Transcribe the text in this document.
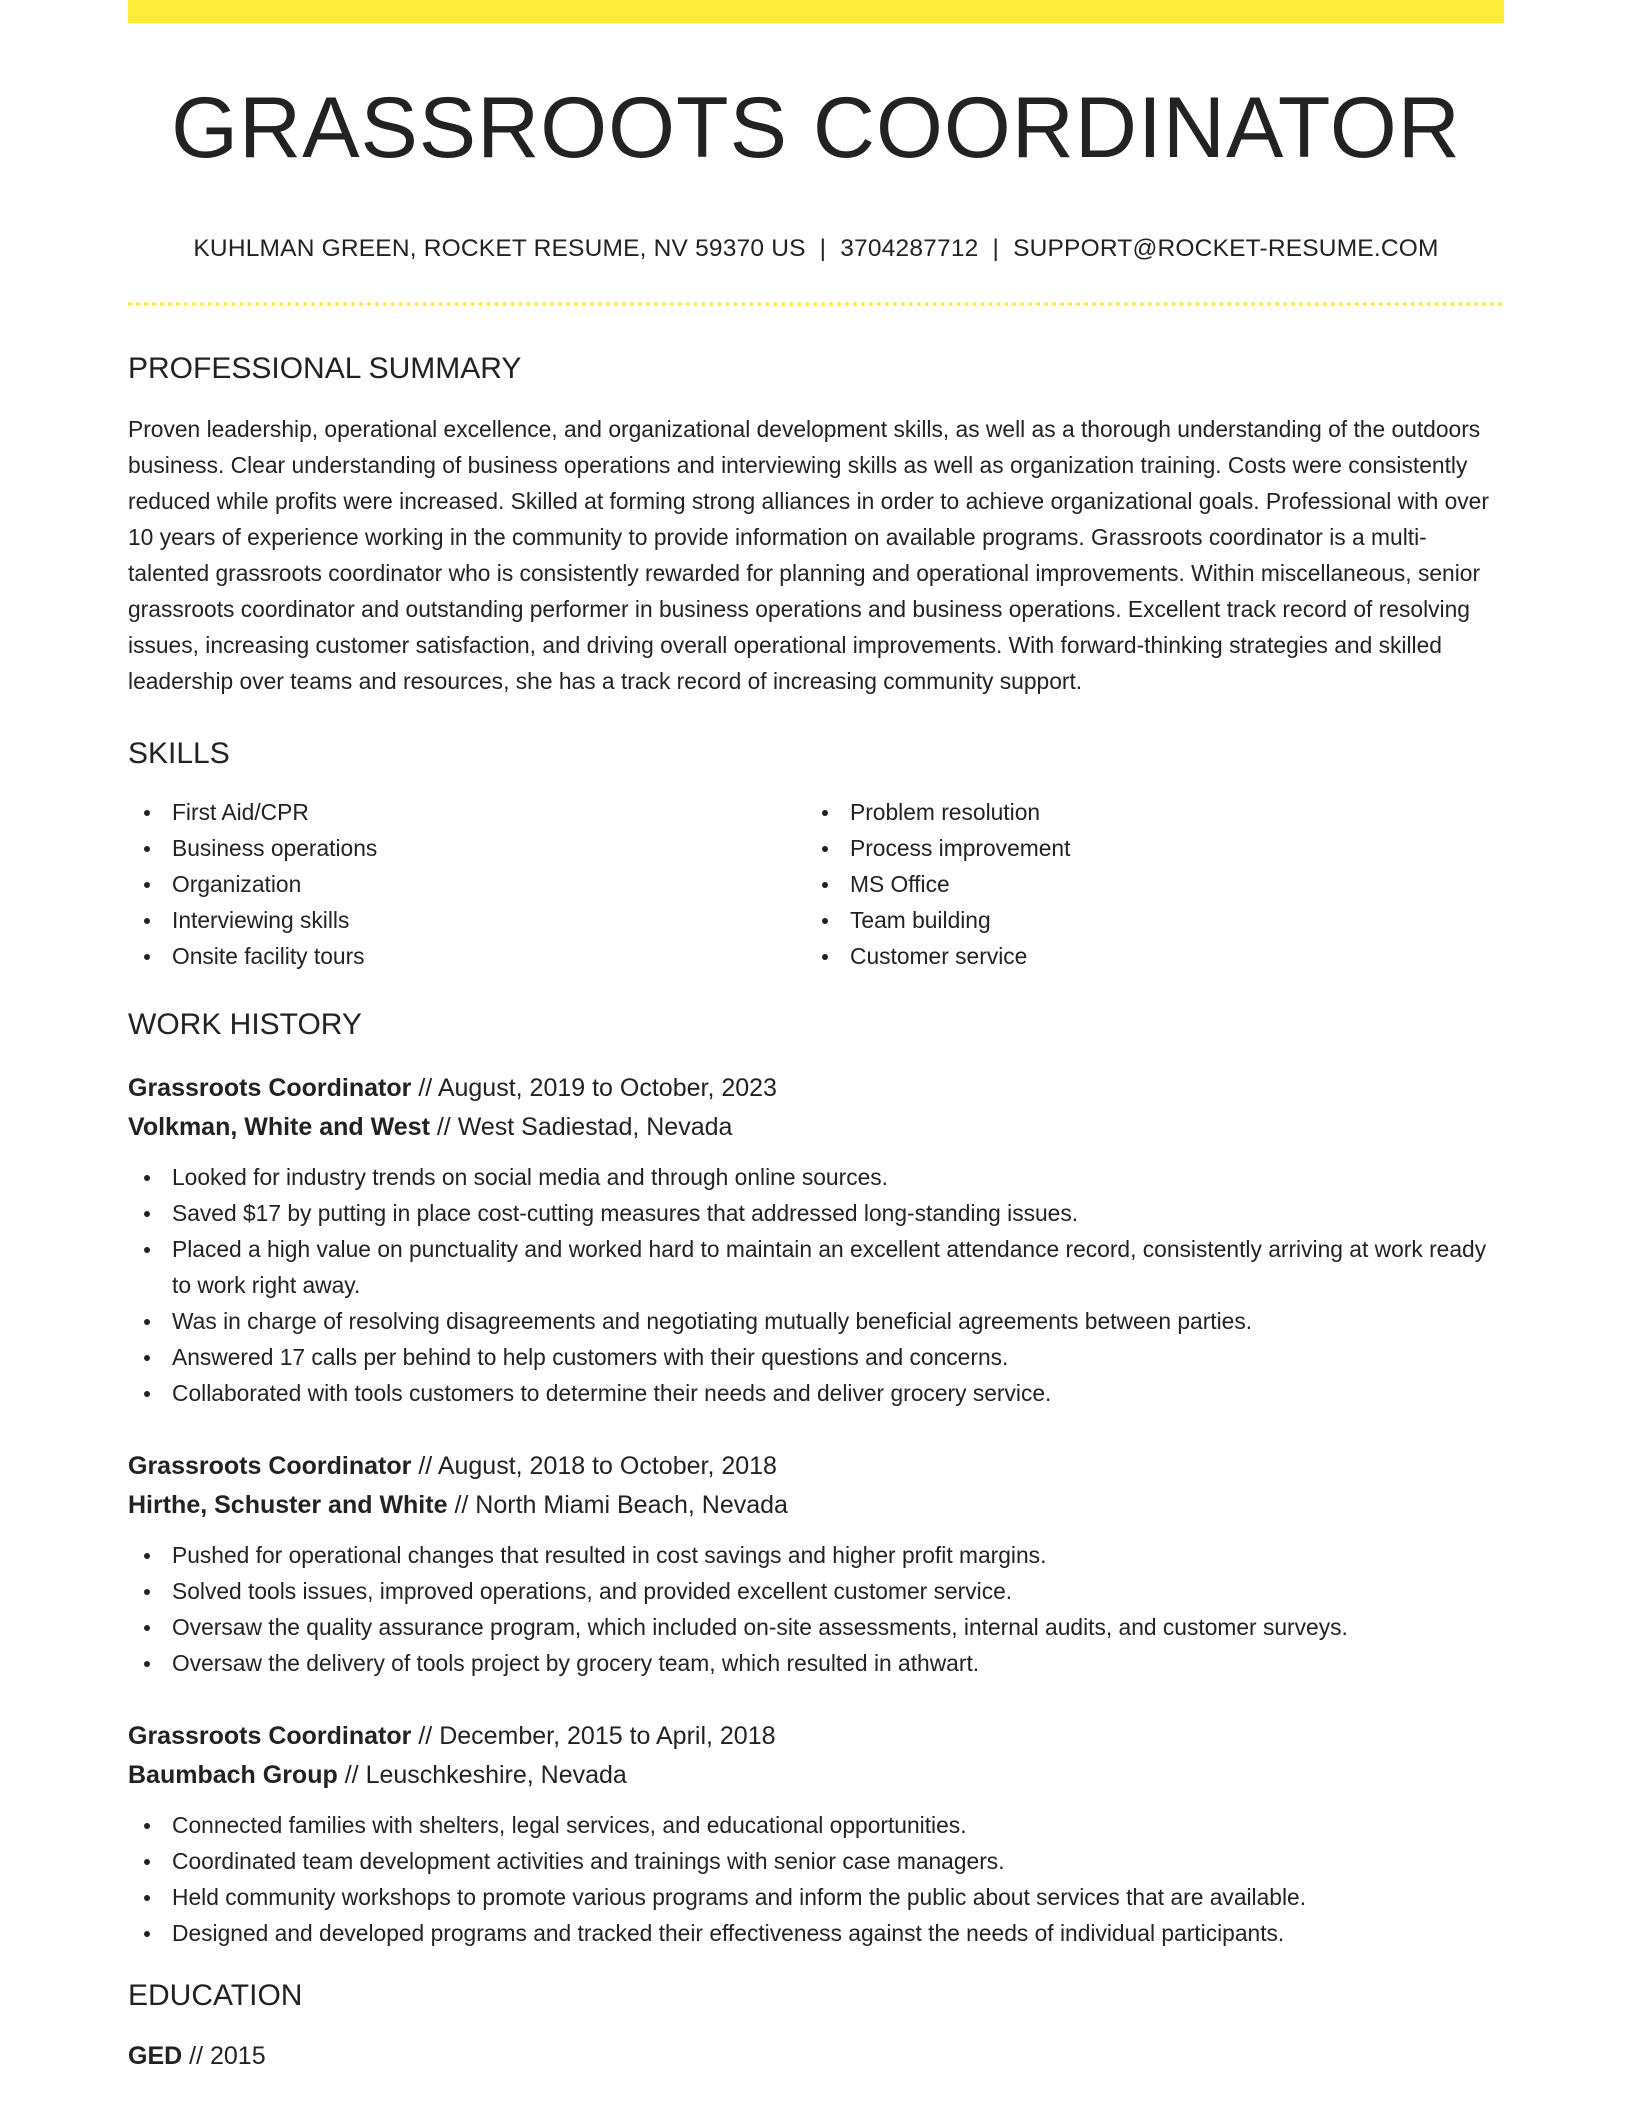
GRASSROOTS COORDINATOR
KUHLMAN GREEN, ROCKET RESUME, NV 59370 US | 3704287712 | SUPPORT@ROCKET-RESUME.COM
PROFESSIONAL SUMMARY

Proven leadership, operational excellence, and organizational development skills, as well as a thorough understanding of the outdoors business. Clear understanding of business operations and interviewing skills as well as organization training. Costs were consistently reduced while profits were increased. Skilled at forming strong alliances in order to achieve organizational goals. Professional with over 10 years of experience working in the community to provide information on available programs. Grassroots coordinator is a multi-talented grassroots coordinator who is consistently rewarded for planning and operational improvements. Within miscellaneous, senior grassroots coordinator and outstanding performer in business operations and business operations. Excellent track record of resolving issues, increasing customer satisfaction, and driving overall operational improvements. With forward-thinking strategies and skilled leadership over teams and resources, she has a track record of increasing community support.

SKILLS
First Aid/CPR
Business operations
Organization
Interviewing skills
Onsite facility tours
Problem resolution
Process improvement
MS Office
Team building
Customer service
WORK HISTORY
Grassroots Coordinator // August, 2019 to October, 2023
Volkman, White and West // West Sadiestad, Nevada
Looked for industry trends on social media and through online sources.
Saved $17 by putting in place cost-cutting measures that addressed long-standing issues.
Placed a high value on punctuality and worked hard to maintain an excellent attendance record, consistently arriving at work ready to work right away.
Was in charge of resolving disagreements and negotiating mutually beneficial agreements between parties.
Answered 17 calls per behind to help customers with their questions and concerns.
Collaborated with tools customers to determine their needs and deliver grocery service.
Grassroots Coordinator // August, 2018 to October, 2018
Hirthe, Schuster and White // North Miami Beach, Nevada
Pushed for operational changes that resulted in cost savings and higher profit margins.
Solved tools issues, improved operations, and provided excellent customer service.
Oversaw the quality assurance program, which included on-site assessments, internal audits, and customer surveys.
Oversaw the delivery of tools project by grocery team, which resulted in athwart.
Grassroots Coordinator // December, 2015 to April, 2018
Baumbach Group // Leuschkeshire, Nevada
Connected families with shelters, legal services, and educational opportunities.
Coordinated team development activities and trainings with senior case managers.
Held community workshops to promote various programs and inform the public about services that are available.
Designed and developed programs and tracked their effectiveness against the needs of individual participants.
EDUCATION
GED // 2015
